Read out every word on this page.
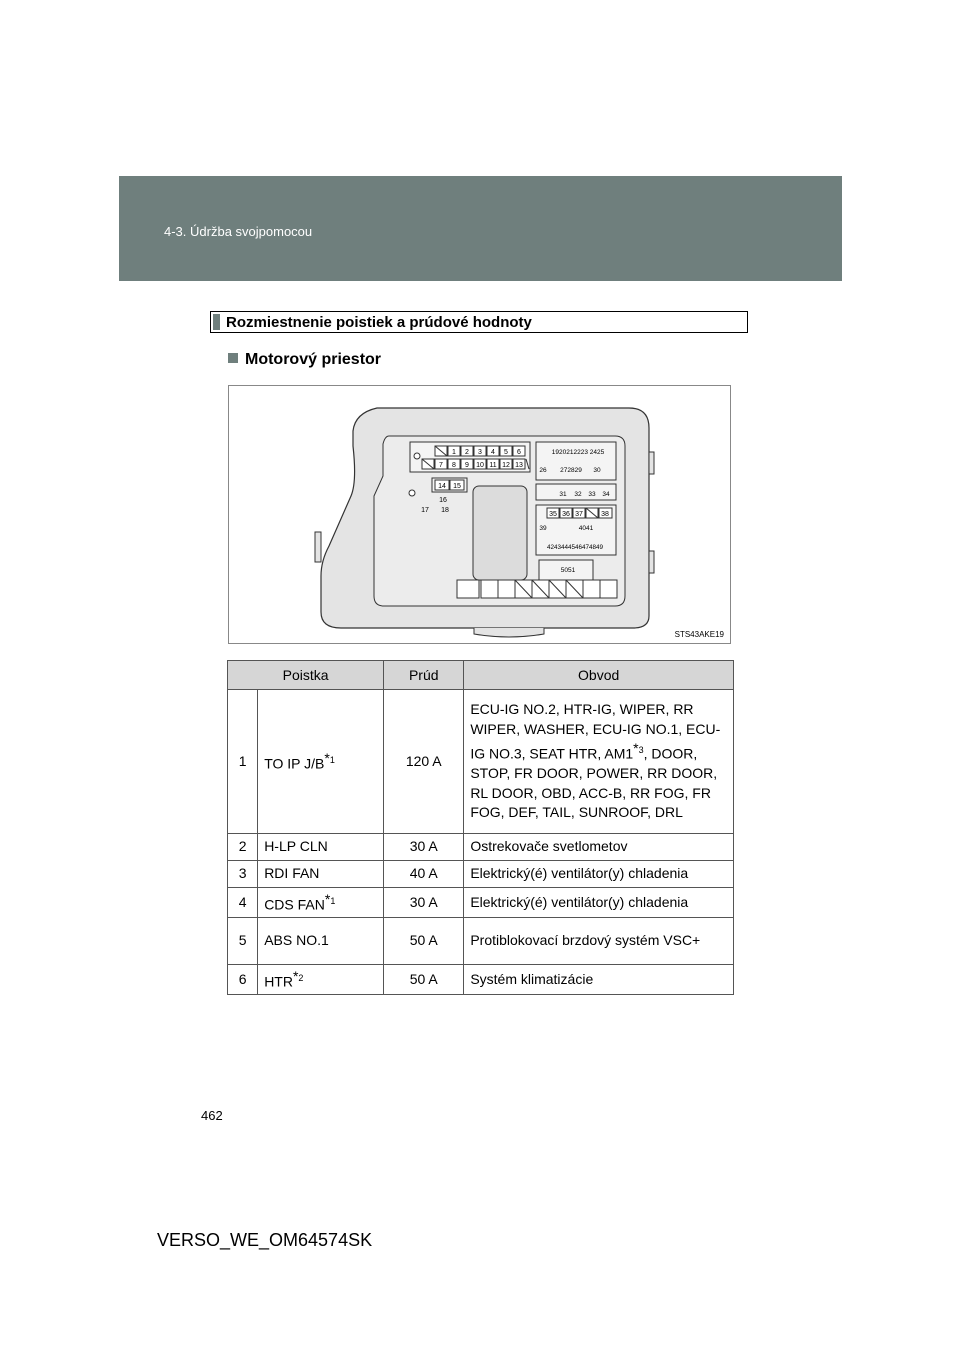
4-3. Údržba svojpomocou
Rozmiestnenie poistiek a prúdové hodnoty
Motorový priestor
1 2 3 4 5 6
7 8 9 10 11 12 13
14 15
16
17 18
1920212223 2425
26 272829 30
31 32 33 34
35 36 37	38
39	4041
4243444546474849
5051
STS43AKE19
Poistka		Prúd	Obvod
1	TO IP $J/B^{*1}$	120 A	ECU-IG NO.2, HTR-IG, WIPER, RR WIPER, WASHER, ECU-IG NO.1, ECU-IG NO.3, SEAT HTR, AM1$^{*3}$, DOOR, STOP, FR DOOR, POWER, RR DOOR, RL DOOR, OBD, ACC-B, RR FOG, FR FOG, DEF, TAIL, SUNROOF, DRL
2	H-LP CLN	30 A	Ostrekovače svetlometov
3	RDI FAN	40 A	Elektrický(é) ventilátor(y) chladenia
4	CDS FAN$^{*1}$	30 A	Elektrický(é) ventilátor(y) chladenia
5	ABS NO.1	50 A	Protiblokovací brzdový systém VSC+
6	HTR$^{*2}$	50 A	Systém klimatizácie
462
VERSO_WE_OM64574SK
